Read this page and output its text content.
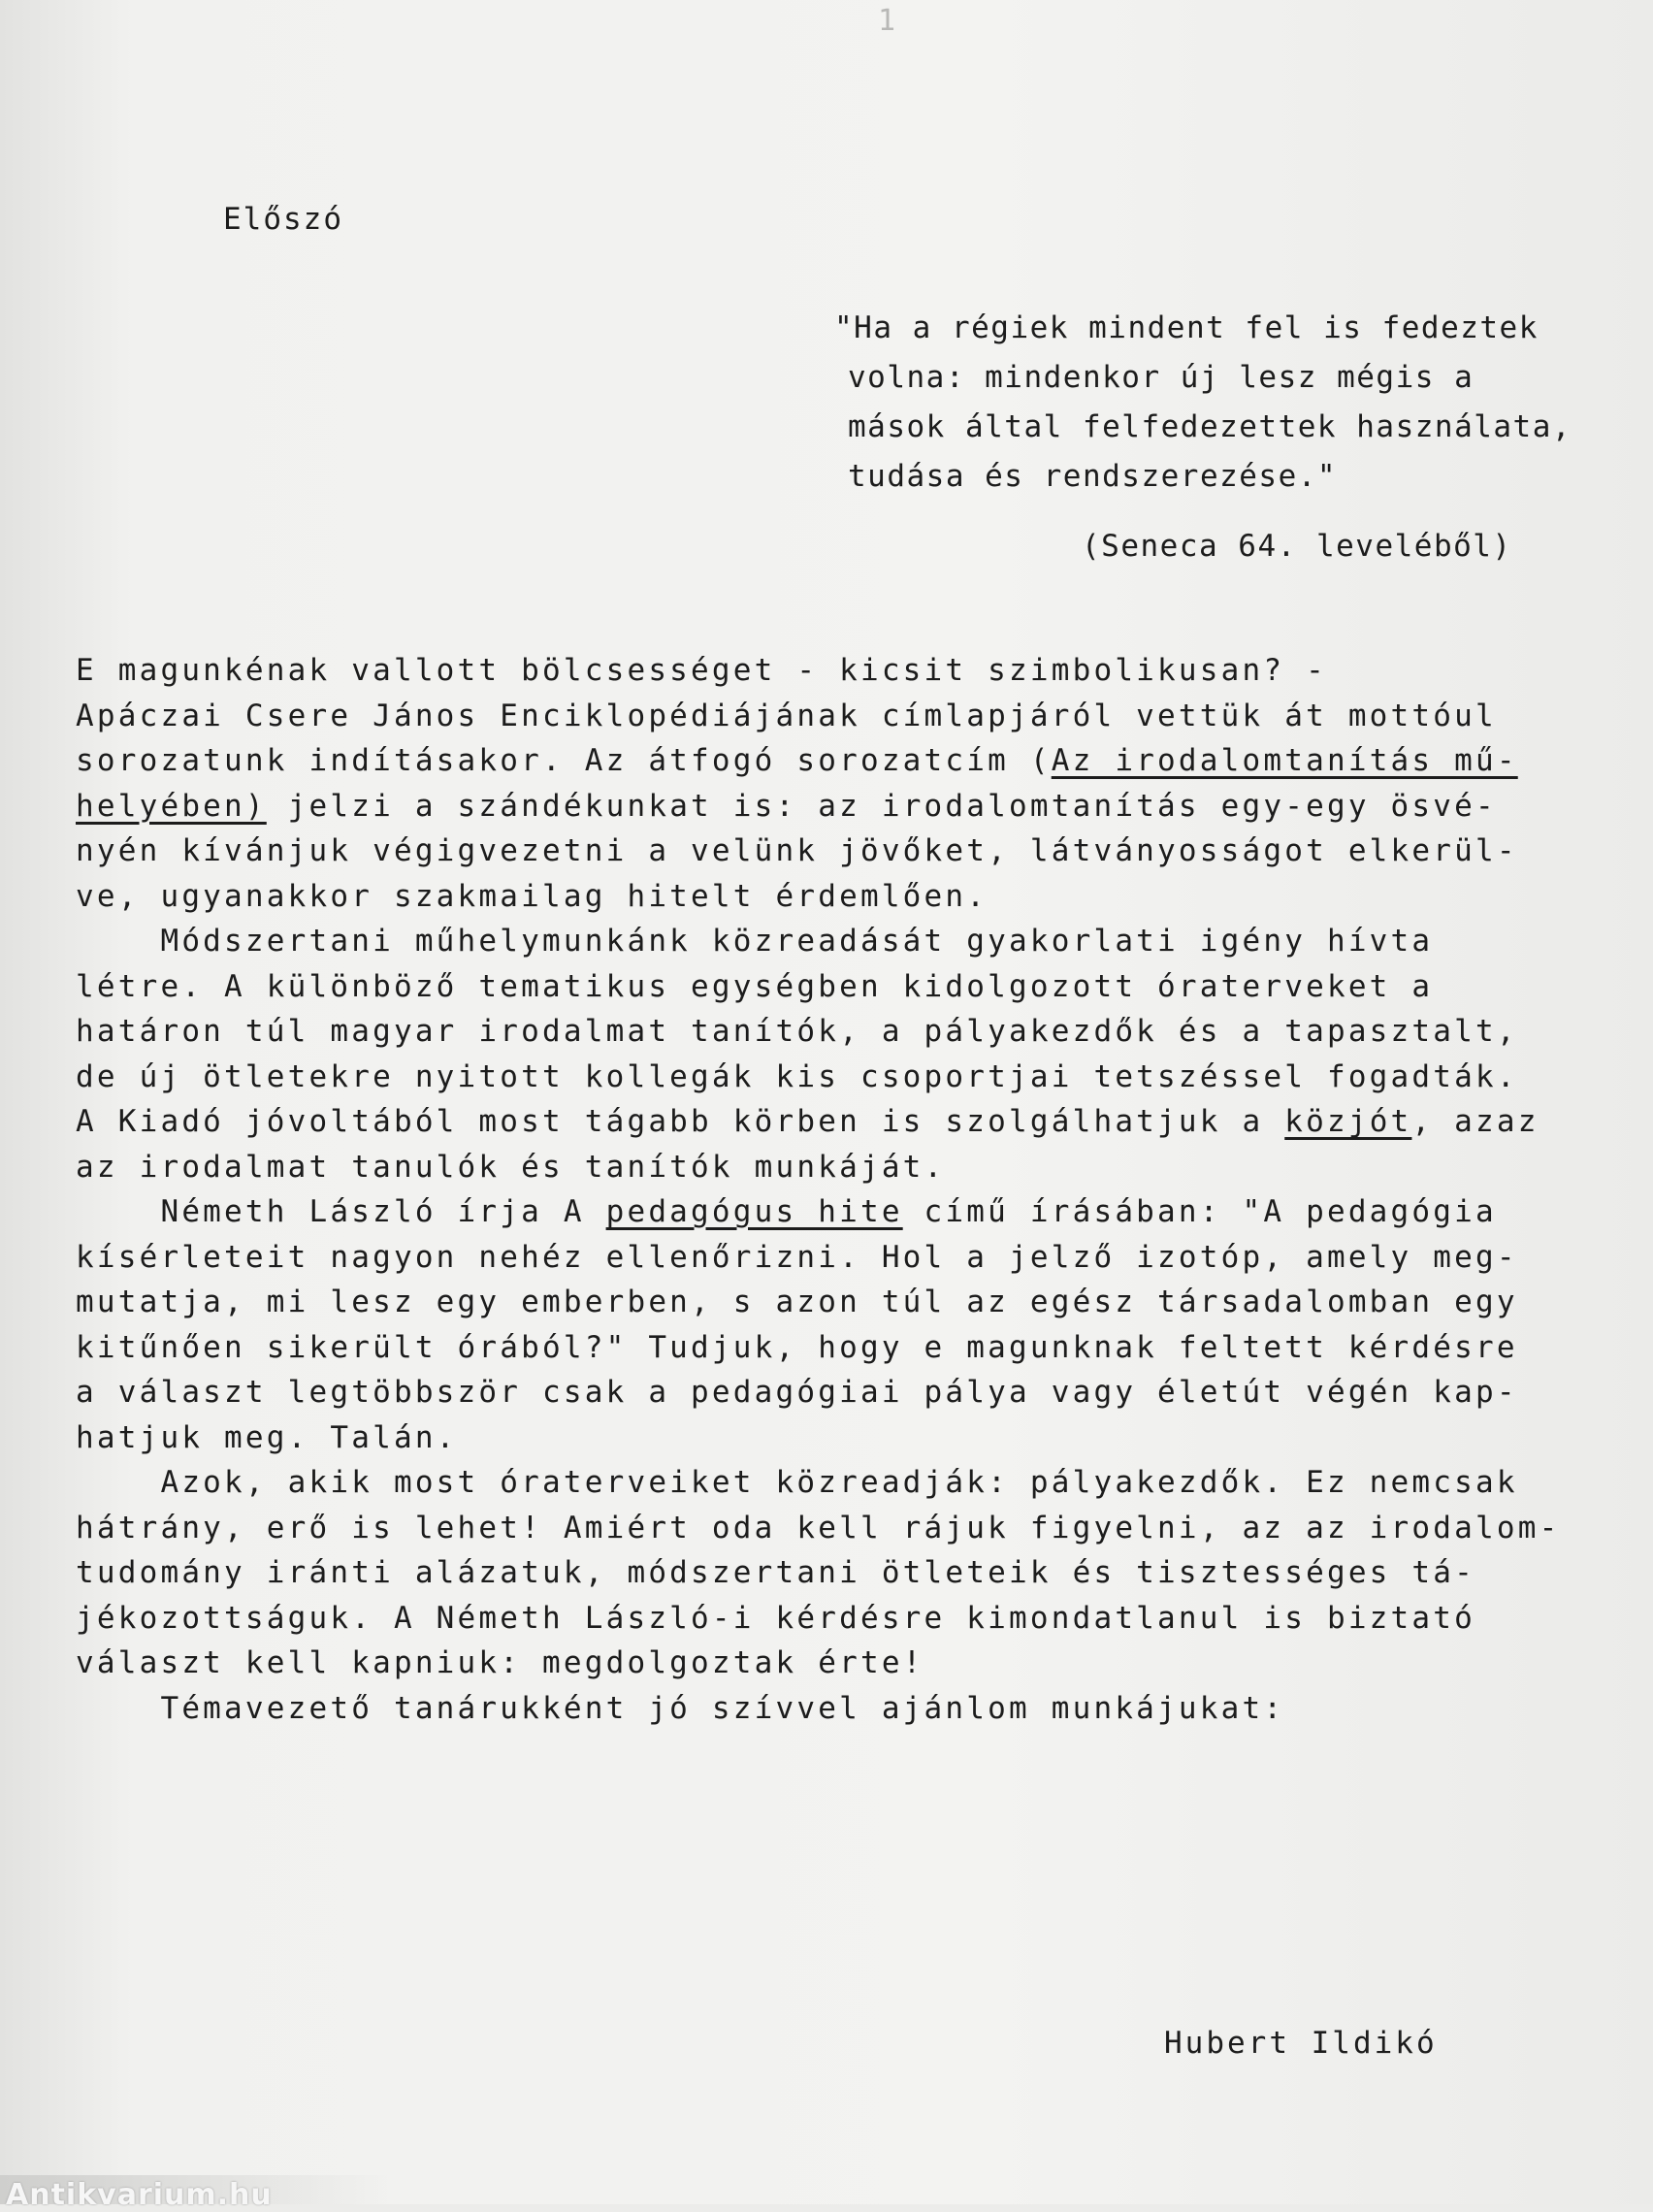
1
Előszó
"Ha a régiek mindent fel is fedeztek
volna: mindenkor új lesz mégis a
mások által felfedezettek használata,
tudása és rendszerezése."
(Seneca 64. leveléből)
E magunkénak vallott bölcsességet - kicsit szimbolikusan? -
Apáczai Csere János Enciklopédiájának címlapjáról vettük át mottóul
sorozatunk indításakor. Az átfogó sorozatcím (Az irodalomtanítás mű-
helyében) jelzi a szándékunkat is: az irodalomtanítás egy-egy ösvé-
nyén kívánjuk végigvezetni a velünk jövőket, látványosságot elkerül-
ve, ugyanakkor szakmailag hitelt érdemlően.
Módszertani műhelymunkánk közreadását gyakorlati igény hívta
létre. A különböző tematikus egységben kidolgozott óraterveket a
határon túl magyar irodalmat tanítók, a pályakezdők és a tapasztalt,
de új ötletekre nyitott kollegák kis csoportjai tetszéssel fogadták.
A Kiadó jóvoltából most tágabb körben is szolgálhatjuk a közjót, azaz
az irodalmat tanulók és tanítók munkáját.
Németh László írja A pedagógus hite című írásában: "A pedagógia
kísérleteit nagyon nehéz ellenőrizni. Hol a jelző izotóp, amely meg-
mutatja, mi lesz egy emberben, s azon túl az egész társadalomban egy
kitűnően sikerült órából?" Tudjuk, hogy e magunknak feltett kérdésre
a választ legtöbbször csak a pedagógiai pálya vagy életút végén kap-
hatjuk meg. Talán.
Azok, akik most óraterveiket közreadják: pályakezdők. Ez nemcsak
hátrány, erő is lehet! Amiért oda kell rájuk figyelni, az az irodalom-
tudomány iránti alázatuk, módszertani ötleteik és tisztességes tá-
jékozottságuk. A Németh László-i kérdésre kimondatlanul is biztató
választ kell kapniuk: megdolgoztak érte!
Témavezető tanárukként jó szívvel ajánlom munkájukat:
Hubert Ildikó
Antikvarium.hu
